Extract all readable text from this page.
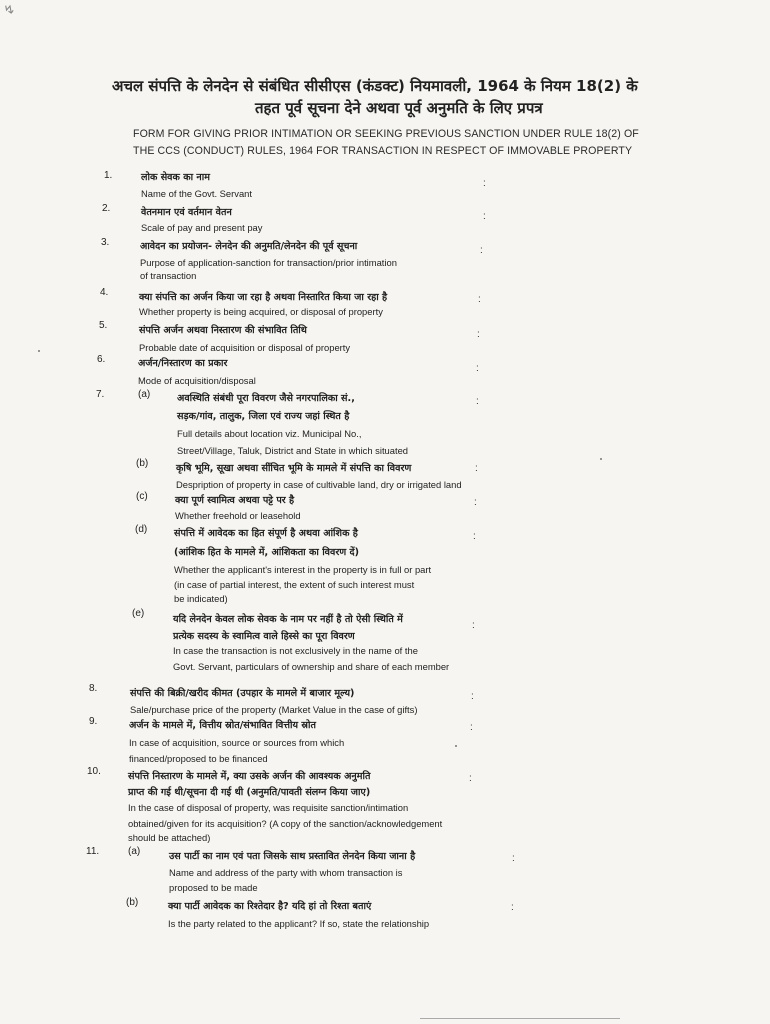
↯
अचल संपत्ति के लेनदेन से संबंधित सीसीएस (कंडक्ट) नियमावली, 1964 के नियम 18(2) के
तहत पूर्व सूचना देने अथवा पूर्व अनुमति के लिए प्रपत्र
FORM FOR GIVING PRIOR INTIMATION OR SEEKING PREVIOUS SANCTION UNDER RULE 18(2) OF
THE CCS (CONDUCT) RULES, 1964 FOR TRANSACTION IN RESPECT OF IMMOVABLE PROPERTY
1.	लोक सेवक का नाम
Name of the Govt. Servant
:
2.	वेतनमान एवं वर्तमान वेतन
Scale of pay and present pay
:
3.	आवेदन का प्रयोजन- लेनदेन की अनुमति/लेनदेन की पूर्व सूचना
Purpose of application-sanction for transaction/prior intimation
of transaction
:
4.	क्या संपत्ति का अर्जन किया जा रहा है अथवा निस्तारित किया जा रहा है
Whether property is being acquired, or disposal of property
:
5.	संपत्ति अर्जन अथवा निस्तारण की संभावित तिथि
Probable date of acquisition or disposal of property
:
6.	अर्जन/निस्तारण का प्रकार
Mode of acquisition/disposal
:
7.	(a)	अवस्थिति संबंधी पूरा विवरण जैसे नगरपालिका सं.,
सड़क/गांव, तालुक, जिला एवं राज्य जहां स्थित है
Full details about location viz. Municipal No.,
Street/Village, Taluk, District and State in which situated
:
(b)	कृषि भूमि, सूखा अथवा सींचित भूमि के मामले में संपत्ति का विवरण
Despription of property in case of cultivable land, dry or irrigated land
:
(c)	क्या पूर्ण स्वामित्व अथवा पट्टे पर है
Whether freehold or leasehold
:
(d)	संपत्ति में आवेदक का हित संपूर्ण है अथवा आंशिक है
(आंशिक हित के मामले में, आंशिकता का विवरण दें)
Whether the applicant's interest in the property is in full or part
(in case of partial interest, the extent of such interest must
be indicated)
:
(e)
यदि लेनदेन केवल लोक सेवक के नाम पर नहीं है तो ऐसी स्थिति में
प्रत्येक सदस्य के स्वामित्व वाले हिस्से का पूरा विवरण
In case the transaction is not exclusively in the name of the
Govt. Servant, particulars of ownership and share of each member
:
8.	संपत्ति की बिक्री/खरीद कीमत (उपहार के मामले में बाजार मूल्य)
Sale/purchase price of the property (Market Value in the case of gifts)
:
9.	अर्जन के मामले में, वित्तीय स्रोत/संभावित वित्तीय स्रोत
In case of acquisition, source or sources from which
financed/proposed to be financed
:
10.	संपत्ति निस्तारण के मामले में, क्या उसके अर्जन की आवश्यक अनुमति
प्राप्त की गई थी/सूचना दी गई थी (अनुमति/पावती संलग्न किया जाए)
In the case of disposal of property, was requisite sanction/intimation
obtained/given for its acquisition? (A copy of the sanction/acknowledgement
should be attached)
:
11.	(a)	उस पार्टी का नाम एवं पता जिसके साथ प्रस्तावित लेनदेन किया जाना है
Name and address of the party with whom transaction is
proposed to be made
:
(b)	क्या पार्टी आवेदक का रिश्तेदार है? यदि हां तो रिश्ता बताएं
Is the party related to the applicant? If so, state the relationship
:
